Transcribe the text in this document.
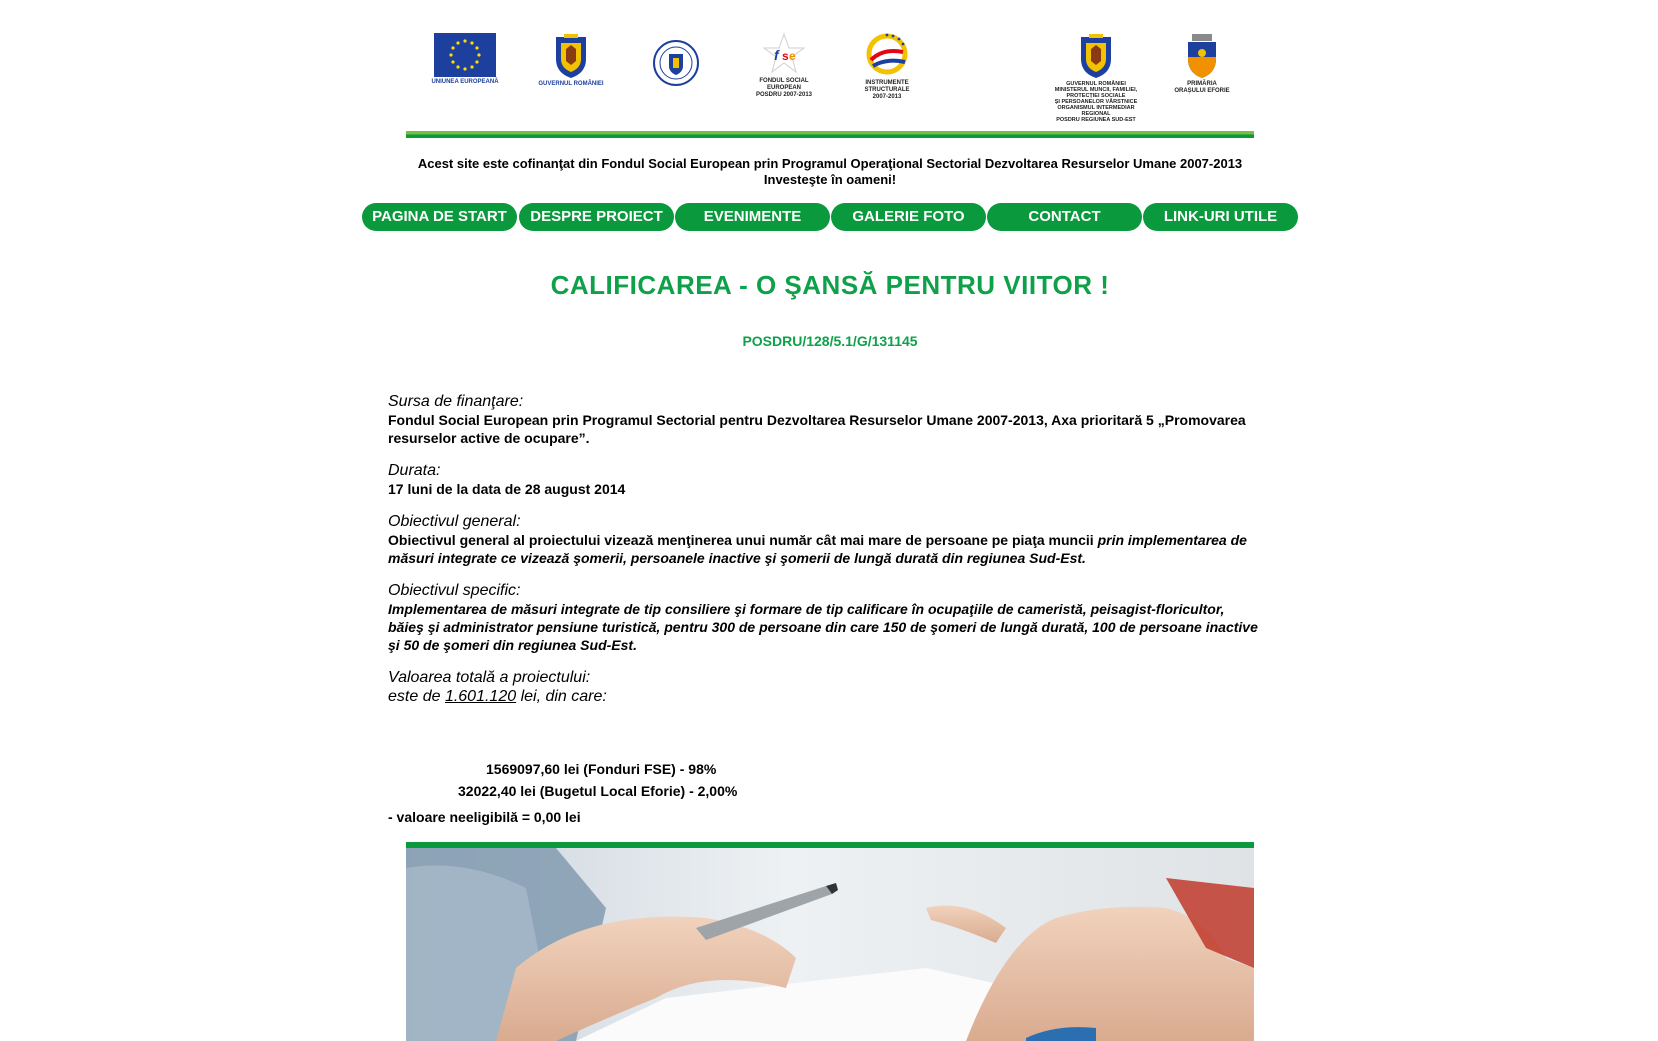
UNIUNEA EUROPEANĂ	GUVERNUL ROMÂNIEI
f s e
FONDUL SOCIAL EUROPEAN
POSDRU 2007-2013
INSTRUMENTE STRUCTURALE
2007-2013
GUVERNUL ROMÂNIEI
MINISTERUL MUNCII, FAMILIEI,
PROTECȚIEI SOCIALE
ȘI PERSOANELOR VÂRSTNICE
ORGANISMUL INTERMEDIAR REGIONAL
POSDRU REGIUNEA SUD-EST
PRIMĂRIA
ORAȘULUI EFORIE
Acest site este cofinanţat din Fondul Social European prin Programul Operaţional Sectorial Dezvoltarea Resurselor Umane 2007-2013
Investeşte în oameni!
PAGINA DE START	DESPRE PROIECT	EVENIMENTE	GALERIE FOTO	CONTACT	LINK-URI UTILE
CALIFICAREA - O ŞANSĂ PENTRU VIITOR !
POSDRU/128/5.1/G/131145

Sursa de finanţare:

Fondul Social European prin Programul Sectorial pentru Dezvoltarea Resurselor Umane 2007-2013, Axa prioritară 5 „Promovarea resurselor active de ocupare”.

Durata:

17 luni de la data de 28 august 2014

Obiectivul general:

Obiectivul general al proiectului vizează menţinerea unui număr cât mai mare de persoane pe piaţa muncii prin implementarea de măsuri integrate ce vizează şomerii, persoanele inactive şi şomerii de lungă durată din regiunea Sud-Est.

Obiectivul specific:

Implementarea de măsuri integrate de tip consiliere şi formare de tip calificare în ocupaţiile de cameristă, peisagist-floricultor, băieş şi administrator pensiune turistică, pentru 300 de persoane din care 150 de şomeri de lungă durată, 100 de persoane inactive şi 50 de şomeri din regiunea Sud-Est.

Valoarea totală a proiectului:

este de 1.601.120 lei, din care:

1569097,60 lei (Fonduri FSE) - 98%
32022,40 lei (Bugetul Local Eforie) - 2,00%
- valoare neeligibilă = 0,00 lei
